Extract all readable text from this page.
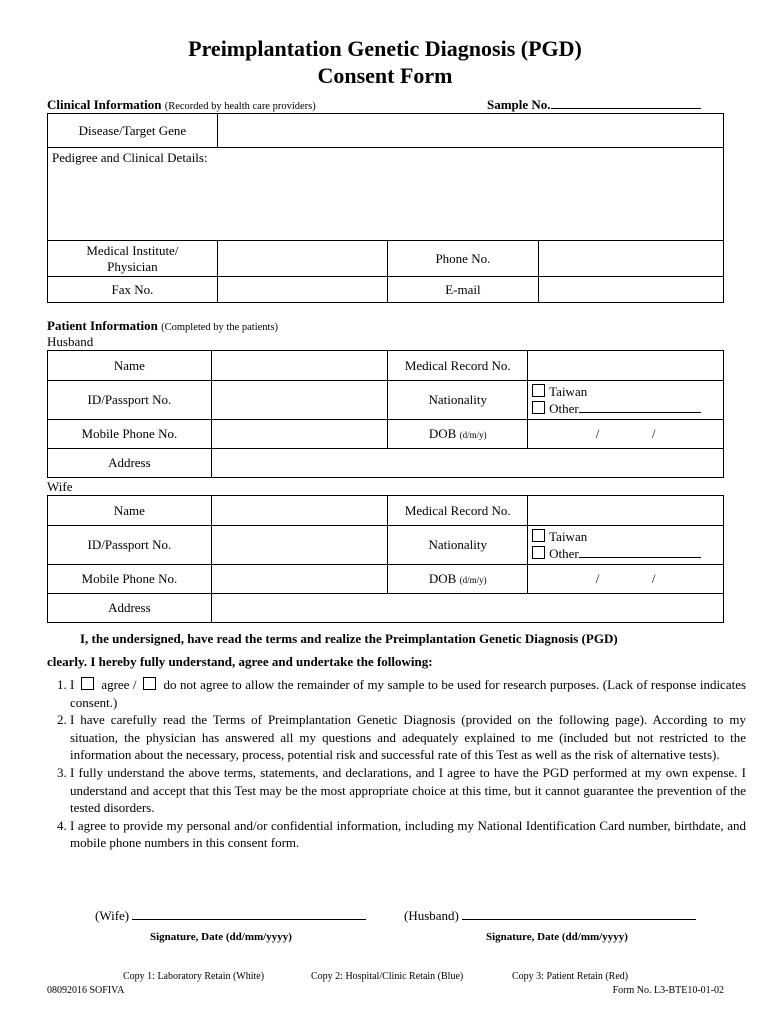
Preimplantation Genetic Diagnosis (PGD)
Consent Form
Clinical Information (Recorded by health care providers)	Sample No.
Disease/Target Gene			
Pedigree and Clinical Details:			
Medical Institute/
Physician		Phone No.	
Fax No.		E-mail	
Patient Information (Completed by the patients)
Husband
Name		Medical Record No.	
ID/Passport No.		Nationality	Taiwan
Other

Mobile Phone No.		DOB (d/m/y)	/ /
Address			
Wife
Name		Medical Record No.	
ID/Passport No.		Nationality	Taiwan
Other

Mobile Phone No.		DOB (d/m/y)	/ /
Address			
I, the undersigned, have read the terms and realize the Preimplantation Genetic Diagnosis (PGD)
clearly. I hereby fully understand, agree and undertake the following:
1. I agree / do not agree to allow the remainder of my sample to be used for research purposes. (Lack of response indicates consent.)
2. I have carefully read the Terms of Preimplantation Genetic Diagnosis (provided on the following page). According to my situation, the physician has answered all my questions and adequately explained to me (included but not restricted to the information about the necessary, process, potential risk and successful rate of this Test as well as the risk of alternative tests).
3. I fully understand the above terms, statements, and declarations, and I agree to have the PGD performed at my own expense. I understand and accept that this Test may be the most appropriate choice at this time, but it cannot guarantee the prevention of the tested disorders.
4. I agree to provide my personal and/or confidential information, including my National Identification Card number, birthdate, and mobile phone numbers in this consent form.
(Wife)
Signature, Date (dd/mm/yyyy)
(Husband)
Signature, Date (dd/mm/yyyy)
Copy 1: Laboratory Retain (White)	Copy 2: Hospital/Clinic Retain (Blue)	Copy 3: Patient Retain (Red)
08092016 SOFIVA	Form No. L3-BTE10-01-02
